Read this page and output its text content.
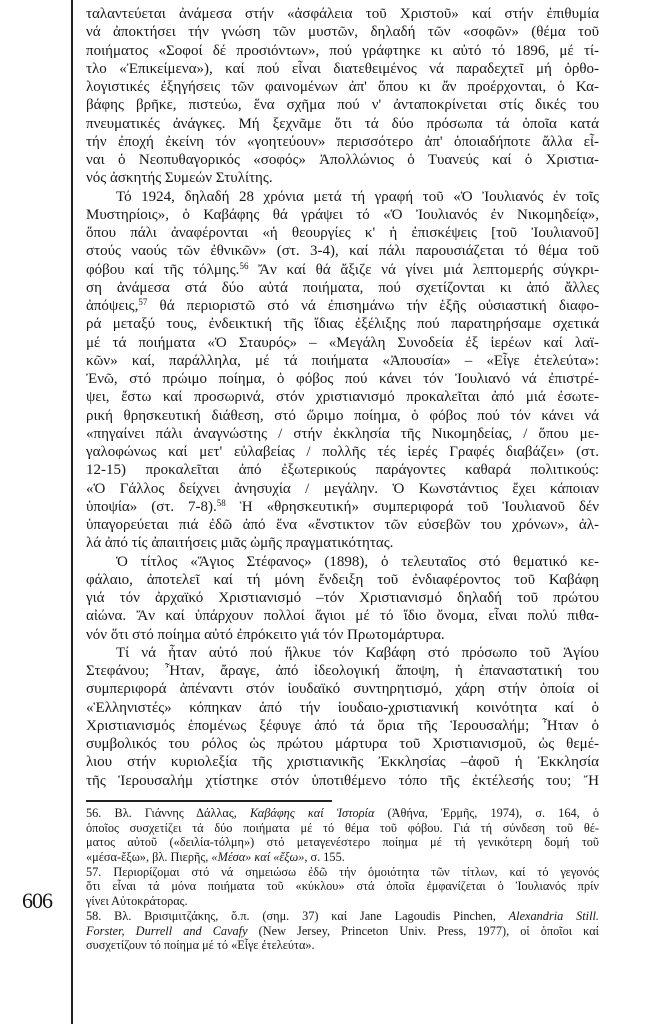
606
ταλαντεύεται ἀνάμεσα στήν «ἀσφάλεια τοῦ Χριστοῦ» καί στήν ἐπιθυμία
νά ἀποκτήσει τήν γνώση τῶν μυστῶν, δηλαδή τῶν «σοφῶν» (θέμα τοῦ
ποιήματος «Σοφοί δέ προσιόντων», πού γράφτηκε κι αὐτό τό 1896, μέ τί-
τλο «Ἐπικείμενα»), καί πού εἶναι διατεθειμένος νά παραδεχτεῖ μή ὀρθο-
λογιστικές ἐξηγήσεις τῶν φαινομένων ἀπ' ὅπου κι ἄν προέρχονται, ὁ Κα-
βάφης βρῆκε, πιστεύω, ἕνα σχῆμα πού ν' ἀνταποκρίνεται στίς δικές του
πνευματικές ἀνάγκες. Μή ξεχνᾶμε ὅτι τά δύο πρόσωπα τά ὁποῖα κατά
τήν ἐποχή ἐκείνη τόν «γοητεύουν» περισσότερο ἀπ' ὁποιαδήποτε ἄλλα εἶ-
ναι ὁ Νεοπυθαγορικός «σοφός» Ἀπολλώνιος ὁ Τυανεύς καί ὁ Χριστια-
νός ἀσκητής Συμεών Στυλίτης.
Τό 1924, δηλαδή 28 χρόνια μετά τή γραφή τοῦ «Ὁ Ἰουλιανός ἐν τοῖς
Μυστηρίοις», ὁ Καβάφης θά γράψει τό «Ὁ Ἰουλιανός ἐν Νικομηδείᾳ»,
ὅπου πάλι ἀναφέρονται «ἡ θεουργίες κ' ἡ ἐπισκέψεις [τοῦ Ἰουλιανοῦ]
στούς ναούς τῶν ἐθνικῶν» (στ. 3-4), καί πάλι παρουσιάζεται τό θέμα τοῦ
φόβου καί τῆς τόλμης.$^{56}$ Ἄν καί θά ἄξιζε νά γίνει μιά λεπτομερής σύγκρι-
ση ἀνάμεσα στά δύο αὐτά ποιήματα, πού σχετίζονται κι ἀπό ἄλλες
ἀπόψεις,$^{57}$ θά περιοριστῶ στό νά ἐπισημάνω τήν ἑξῆς οὐσιαστική διαφο-
ρά μεταξύ τους, ἐνδεικτική τῆς ἴδιας ἐξέλιξης πού παρατηρήσαμε σχετικά
μέ τά ποιήματα «Ὁ Σταυρός» – «Μεγάλη Συνοδεία ἐξ ἱερέων καί λαϊ-
κῶν» καί, παράλληλα, μέ τά ποιήματα «Ἀπουσία» – «Εἶγε ἐτελεύτα»:
Ἐνῶ, στό πρώιμο ποίημα, ὁ φόβος πού κάνει τόν Ἰουλιανό νά ἐπιστρέ-
ψει, ἔστω καί προσωρινά, στόν χριστιανισμό προκαλεῖται ἀπό μιά ἐσωτε-
ρική θρησκευτική διάθεση, στό ὥριμο ποίημα, ὁ φόβος πού τόν κάνει νά
«πηγαίνει πάλι ἀναγνώστης / στήν ἐκκλησία τῆς Νικομηδείας, / ὅπου με-
γαλοφώνως καί μετ' εὐλαβείας / πολλῆς τές ἱερές Γραφές διαβάζει» (στ.
12-15) προκαλεῖται ἀπό ἐξωτερικούς παράγοντες καθαρά πολιτικούς:
«Ὁ Γάλλος δείχνει ἀνησυχία / μεγάλην. Ὁ Κωνστάντιος ἔχει κάποιαν
ὑποψία» (στ. 7-8).$^{58}$ Ἡ «θρησκευτική» συμπεριφορά τοῦ Ἰουλιανοῦ δέν
ὑπαγορεύεται πιά ἐδῶ ἀπό ἕνα «ἔνστικτον τῶν εὐσεβῶν του χρόνων», ἀλ-
λά ἀπό τίς ἀπαιτήσεις μιᾶς ὠμῆς πραγματικότητας.
Ὁ τίτλος «Ἅγιος Στέφανος» (1898), ὁ τελευταῖος στό θεματικό κε-
φάλαιο, ἀποτελεῖ καί τή μόνη ἔνδειξη τοῦ ἐνδιαφέροντος τοῦ Καβάφη
γιά τόν ἀρχαϊκό Χριστιανισμό –τόν Χριστιανισμό δηλαδή τοῦ πρώτου
αἰώνα. Ἄν καί ὑπάρχουν πολλοί ἅγιοι μέ τό ἴδιο ὄνομα, εἶναι πολύ πιθα-
νόν ὅτι στό ποίημα αὐτό ἐπρόκειτο γιά τόν Πρωτομάρτυρα.
Τί νά ἦταν αὐτό πού ἥλκυε τόν Καβάφη στό πρόσωπο τοῦ Ἁγίου
Στεφάνου; Ἦταν, ἄραγε, ἀπό ἰδεολογική ἄποψη, ἡ ἐπαναστατική του
συμπεριφορά ἀπέναντι στόν ἰουδαϊκό συντηρητισμό, χάρη στήν ὁποία οἱ
«Ἑλληνιστές» κόπηκαν ἀπό τήν ἰουδαιο-χριστιανική κοινότητα καί ὁ
Χριστιανισμός ἑπομένως ξέφυγε ἀπό τά ὅρια τῆς Ἱερουσαλήμ; Ἦταν ὁ
συμβολικός του ρόλος ὡς πρώτου μάρτυρα τοῦ Χριστιανισμοῦ, ὡς θεμέ-
λιου στήν κυριολεξία τῆς χριστιανικῆς Ἐκκλησίας –ἀφοῦ ἡ Ἐκκλησία
τῆς Ἱερουσαλήμ χτίστηκε στόν ὑποτιθέμενο τόπο τῆς ἐκτέλεσής του; Ἤ
56. Βλ. Γιάννης Δάλλας, Καβάφης καί Ἱστορία (Ἀθήνα, Ἑρμῆς, 1974), σ. 164, ὁ
ὁποῖος συσχετίζει τά δύο ποιήματα μέ τό θέμα τοῦ φόβου. Γιά τή σύνδεση τοῦ θέ-
ματος αὐτοῦ («δειλία-τόλμη») στό μεταγενέστερο ποίημα μέ τή γενικότερη δομή τοῦ
«μέσα-ἔξω», βλ. Πιερῆς, «Μέσα» καί «ἔξω», σ. 155.
57. Περιορίζομαι στό νά σημειώσω ἐδῶ τήν ὁμοιότητα τῶν τίτλων, καί τό γεγονός
ὅτι εἶναι τά μόνα ποιήματα τοῦ «κύκλου» στά ὁποῖα ἐμφανίζεται ὁ Ἰουλιανός πρίν
γίνει Αὐτοκράτορας.
58. Βλ. Βρισιμιτζάκης, ὅ.π. (σημ. 37) καί Jane Lagoudis Pinchen, Alexandria Still.
Forster, Durrell and Cavafy (New Jersey, Princeton Univ. Press, 1977), οἱ ὁποῖοι καί
συσχετίζουν τό ποίημα μέ τό «Εἶγε ἐτελεύτα».
